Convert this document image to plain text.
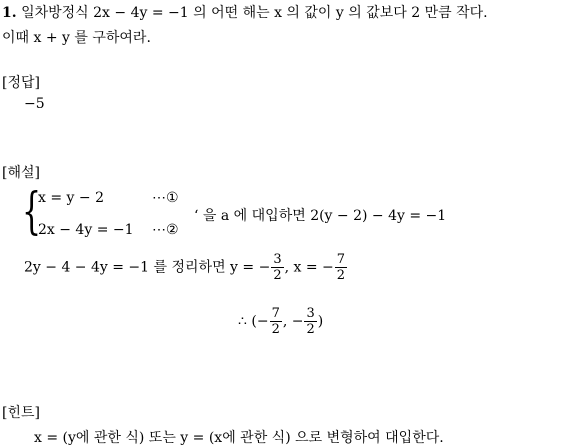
1. 일차방정식 2x − 4y = −1 의 어떤 해는 x 의 값이 y 의 값보다 2 만큼 작다.
이때 x + y 를 구하여라.
[정답]
−5
[해설]
{
x = y − 2	⋯①
2x − 4y = −1 ⋯②
‘ 을 a 에 대입하면 2(y − 2) − 4y = −1
2y − 4 − 4y = −1 를 정리하면 y = − $\frac{3}{2}$ , x = − $\frac{7}{2}$
∴ (− $\frac{7}{2}$ , − $\frac{3}{2}$ )
[힌트]
x = (y에 관한 식) 또는 y = (x에 관한 식) 으로 변형하여 대입한다.
